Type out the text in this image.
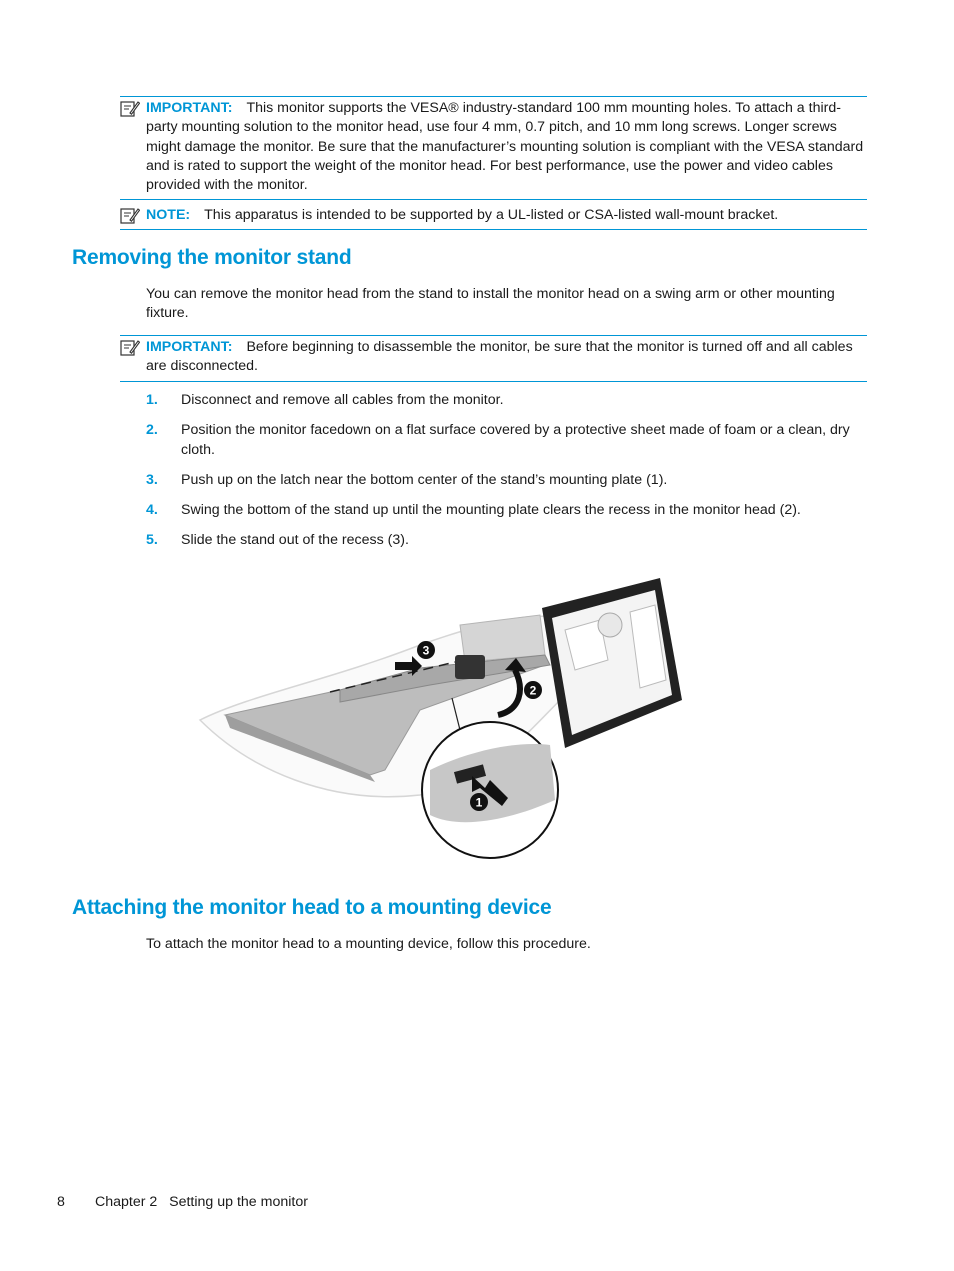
IMPORTANT: This monitor supports the VESA® industry-standard 100 mm mounting holes. To attach a third-party mounting solution to the monitor head, use four 4 mm, 0.7 pitch, and 10 mm long screws. Longer screws might damage the monitor. Be sure that the manufacturer’s mounting solution is compliant with the VESA standard and is rated to support the weight of the monitor head. For best performance, use the power and video cables provided with the monitor.
NOTE: This apparatus is intended to be supported by a UL-listed or CSA-listed wall-mount bracket.
Removing the monitor stand

You can remove the monitor head from the stand to install the monitor head on a swing arm or other mounting fixture.

IMPORTANT: Before beginning to disassemble the monitor, be sure that the monitor is turned off and all cables are disconnected.
1. Disconnect and remove all cables from the monitor.
2. Position the monitor facedown on a flat surface covered by a protective sheet made of foam or a clean, dry cloth.
3. Push up on the latch near the bottom center of the stand’s mounting plate (1).
4. Swing the bottom of the stand up until the mounting plate clears the recess in the monitor head (2).
5. Slide the stand out of the recess (3).
3
2
1
Attaching the monitor head to a mounting device

To attach the monitor head to a mounting device, follow this procedure.

8 Chapter 2   Setting up the monitor
